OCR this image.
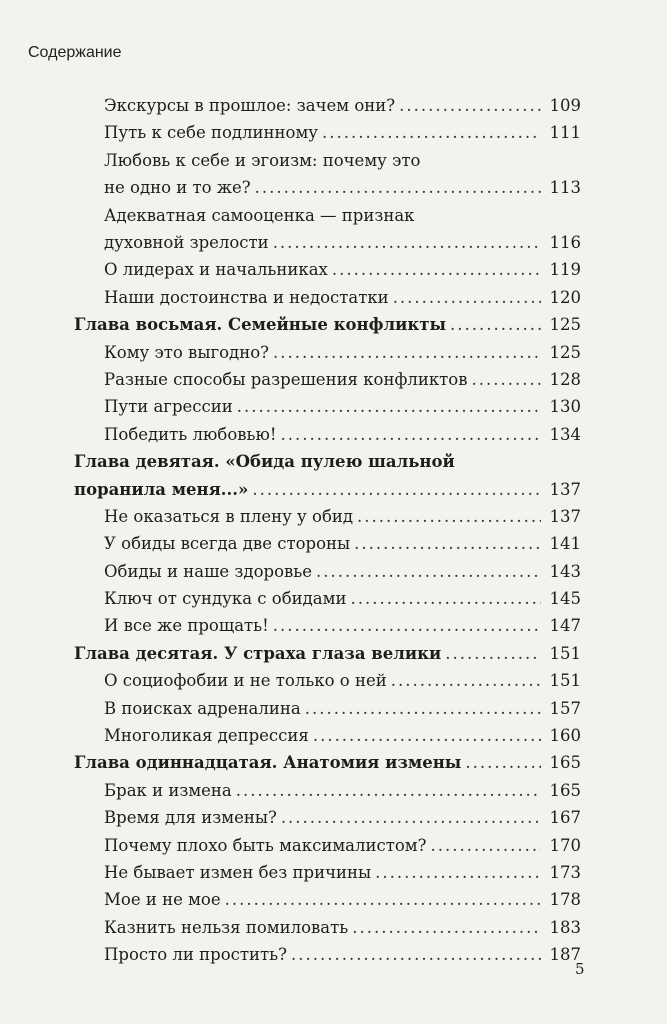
Содержание
Экскурсы в прошлое: зачем они? .....	109
Путь к себе подлинному .....	111
Любовь к себе и эгоизм: почему это
не одно и то же? .....	113
Адекватная самооценка — признак
духовной зрелости .....	116
О лидерах и начальниках .....	119
Наши достоинства и недостатки .....	120
Глава восьмая. Семейные конфликты .....	125
Кому это выгодно? .....	125
Разные способы разрешения конфликтов .....	128
Пути агрессии .....	130
Победить любовью! .....	134
Глава девятая. «Обида пулею шальной
поранила меня...» .....	137
Не оказаться в плену у обид .....	137
У обиды всегда две стороны .....	141
Обиды и наше здоровье .....	143
Ключ от сундука с обидами .....	145
И все же прощать! .....	147
Глава десятая. У страха глаза велики .....	151
О социофобии и не только о ней .....	151
В поисках адреналина .....	157
Многоликая депрессия .....	160
Глава одиннадцатая. Анатомия измены .....	165
Брак и измена .....	165
Время для измены? .....	167
Почему плохо быть максималистом? .....	170
Не бывает измен без причины .....	173
Мое и не мое .....	178
Казнить нельзя помиловать .....	183
Просто ли простить? .....	187
5
